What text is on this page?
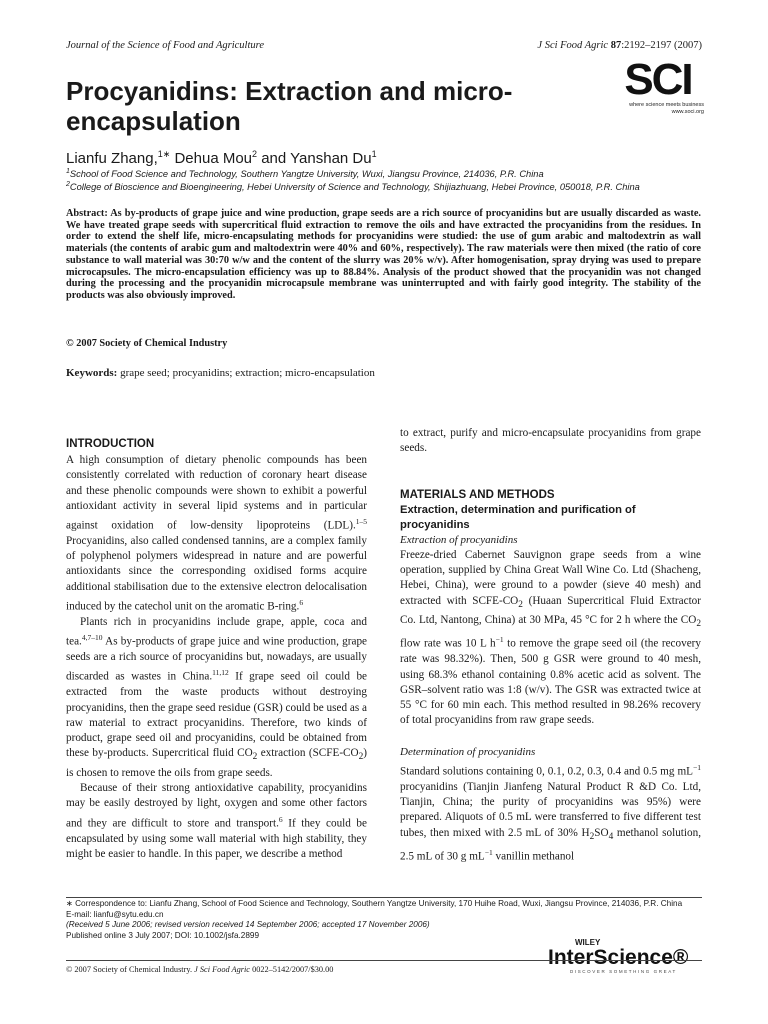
Journal of the Science of Food and Agriculture	J Sci Food Agric 87:2192–2197 (2007)
SCI
where science meets business
www.soci.org
Procyanidins: Extraction and micro-encapsulation
Lianfu Zhang,$^{1∗}$ Dehua Mou$^2$ and Yanshan Du$^1$
$^1$School of Food Science and Technology, Southern Yangtze University, Wuxi, Jiangsu Province, 214036, P.R. China
$^2$College of Bioscience and Bioengineering, Hebei University of Science and Technology, Shijiazhuang, Hebei Province, 050018, P.R. China
Abstract: As by-products of grape juice and wine production, grape seeds are a rich source of procyanidins but are usually discarded as waste. We have treated grape seeds with supercritical fluid extraction to remove the oils and have extracted the procyanidins from the residues. In order to extend the shelf life, micro-encapsulating methods for procyanidins were studied: the use of gum arabic and maltodextrin as wall materials (the contents of arabic gum and maltodextrin were 40% and 60%, respectively). The raw materials were then mixed (the ratio of core substance to wall material was 30:70 w/w and the content of the slurry was 20% w/v). After homogenisation, spray drying was used to prepare microcapsules. The micro-encapsulation efficiency was up to 88.84%. Analysis of the product showed that the procyanidin was not changed during the processing and the procyanidin microcapsule membrane was uninterrupted and with fairly good integrity. The stability of the products was also obviously improved.
© 2007 Society of Chemical Industry
Keywords: grape seed; procyanidins; extraction; micro-encapsulation
INTRODUCTION

A high consumption of dietary phenolic compounds has been consistently correlated with reduction of coronary heart disease and these phenolic compounds were shown to exhibit a powerful antioxidant activity in several lipid systems and in particular against oxidation of low-density lipoproteins (LDL).$^{1-5}$ Procyanidins, also called condensed tannins, are a complex family of polyphenol polymers widespread in nature and are powerful antioxidants since the corresponding oxidised forms acquire additional stabilisation due to the extensive electron delocalisation induced by the catechol unit on the aromatic B-ring.$^6$

Plants rich in procyanidins include grape, apple, coca and tea.$^{4,7-10}$ As by-products of grape juice and wine production, grape seeds are a rich source of procyanidins but, nowadays, are usually discarded as wastes in China.$^{11,12}$ If grape seed oil could be extracted from the waste products without destroying procyanidins, then the grape seed residue (GSR) could be used as a raw material to extract procyanidins. Therefore, two kinds of product, grape seed oil and procyanidins, could be obtained from these by-products. Supercritical fluid $CO_2$ extraction $(SCFE-CO_2)$ is chosen to remove the oils from grape seeds.

Because of their strong antioxidative capability, procyanidins may be easily destroyed by light, oxygen and some other factors and they are difficult to store and transport.$^6$ If they could be encapsulated by using some wall material with high stability, they might be easier to handle. In this paper, we describe a method

to extract, purify and micro-encapsulate procyanidins from grape seeds.

MATERIALS AND METHODS
Extraction, determination and purification of procyanidins
Extraction of procyanidins

Freeze-dried Cabernet Sauvignon grape seeds from a wine operation, supplied by China Great Wall Wine Co. Ltd (Shacheng, Hebei, China), were ground to a powder (sieve 40 mesh) and extracted with SCFE-$CO_2$ (Huaan Supercritical Fluid Extractor Co. Ltd, Nantong, China) at 30 MPa, 45 °C for 2 h where the $CO_2$ flow rate was 10 L h$^{-1}$ to remove the grape seed oil (the recovery rate was 98.32%). Then, 500 g GSR were ground to 40 mesh, using 68.3% ethanol containing 0.8% acetic acid as solvent. The GSR–solvent ratio was 1:8 (w/v). The GSR was extracted twice at 55 °C for 60 min each. This method resulted in 98.26% recovery of total procyanidins from raw grape seeds.

Determination of procyanidins

Standard solutions containing 0, 0.1, 0.2, 0.3, 0.4 and 0.5 mg mL$^{-1}$ procyanidins (Tianjin Jianfeng Natural Product R &D Co. Ltd, Tianjin, China; the purity of procyanidins was 95%) were prepared. Aliquots of 0.5 mL were transferred to five different test tubes, then mixed with 2.5 mL of 30% $H_2SO_4$ methanol solution, 2.5 mL of 30 g mL$^{-1}$ vanillin methanol

∗ Correspondence to: Lianfu Zhang, School of Food Science and Technology, Southern Yangtze University, 170 Huihe Road, Wuxi, Jiangsu Province, 214036, P.R. China
E-mail: lianfu@sytu.edu.cn
(Received 5 June 2006; revised version received 14 September 2006; accepted 17 November 2006)
Published online 3 July 2007; DOI: 10.1002/jsfa.2899
WILEY
InterScience®
DISCOVER SOMETHING GREAT
© 2007 Society of Chemical Industry. J Sci Food Agric 0022–5142/2007/$30.00
